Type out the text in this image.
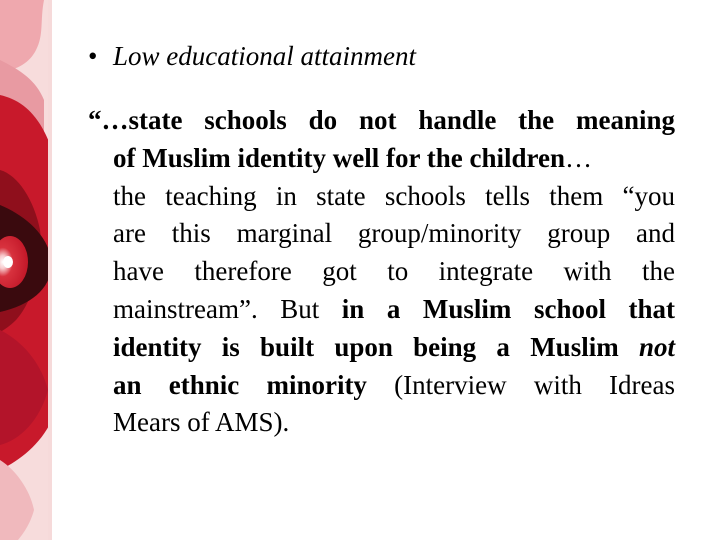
• Low educational attainment
“…state schools do not handle the meaning
of Muslim identity well for the children…
the teaching in state schools tells them “you
are this marginal group/minority group and
have therefore got to integrate with the
mainstream”. But in a Muslim school that
identity is built upon being a Muslim not
an ethnic minority (Interview with Idreas
Mears of AMS).
